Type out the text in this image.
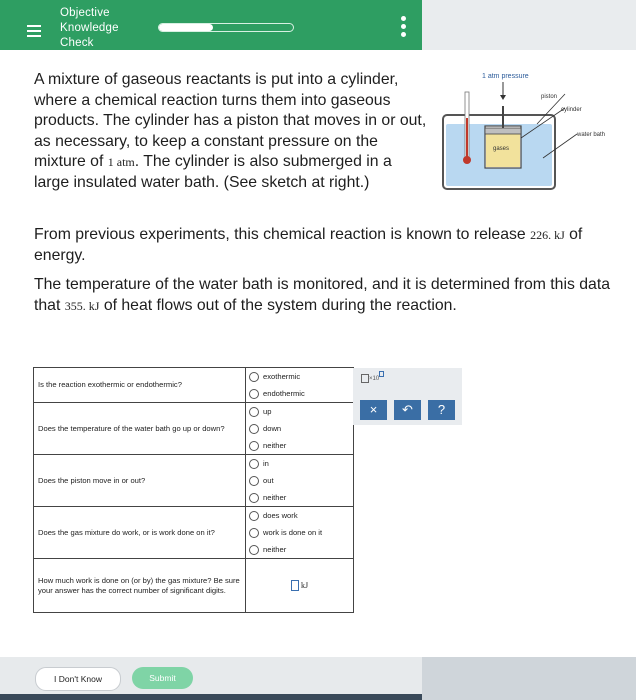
Objective
Knowledge
Check
A mixture of gaseous reactants is put into a cylinder, where a chemical reaction turns them into gaseous products. The cylinder has a piston that moves in or out, as necessary, to keep a constant pressure on the mixture of 1 atm. The cylinder is also submerged in a large insulated water bath. (See sketch at right.)
1 atm pressure
piston
cylinder
water bath
gases
From previous experiments, this chemical reaction is known to release 226. kJ of energy.
The temperature of the water bath is monitored, and it is determined from this data that 355. kJ of heat flows out of the system during the reaction.
Is the reaction exothermic or endothermic?	exothermic
endothermic

Does the temperature of the water bath go up or down?	up
down
neither

Does the piston move in or out?	in
out
neither

Does the gas mixture do work, or is work done on it?	does work
work is done on it
neither

How much work is done on (or by) the gas mixture? Be sure your answer has the correct number of significant digits.	kJ
×10
×	↶	?
I Don't Know	Submit
